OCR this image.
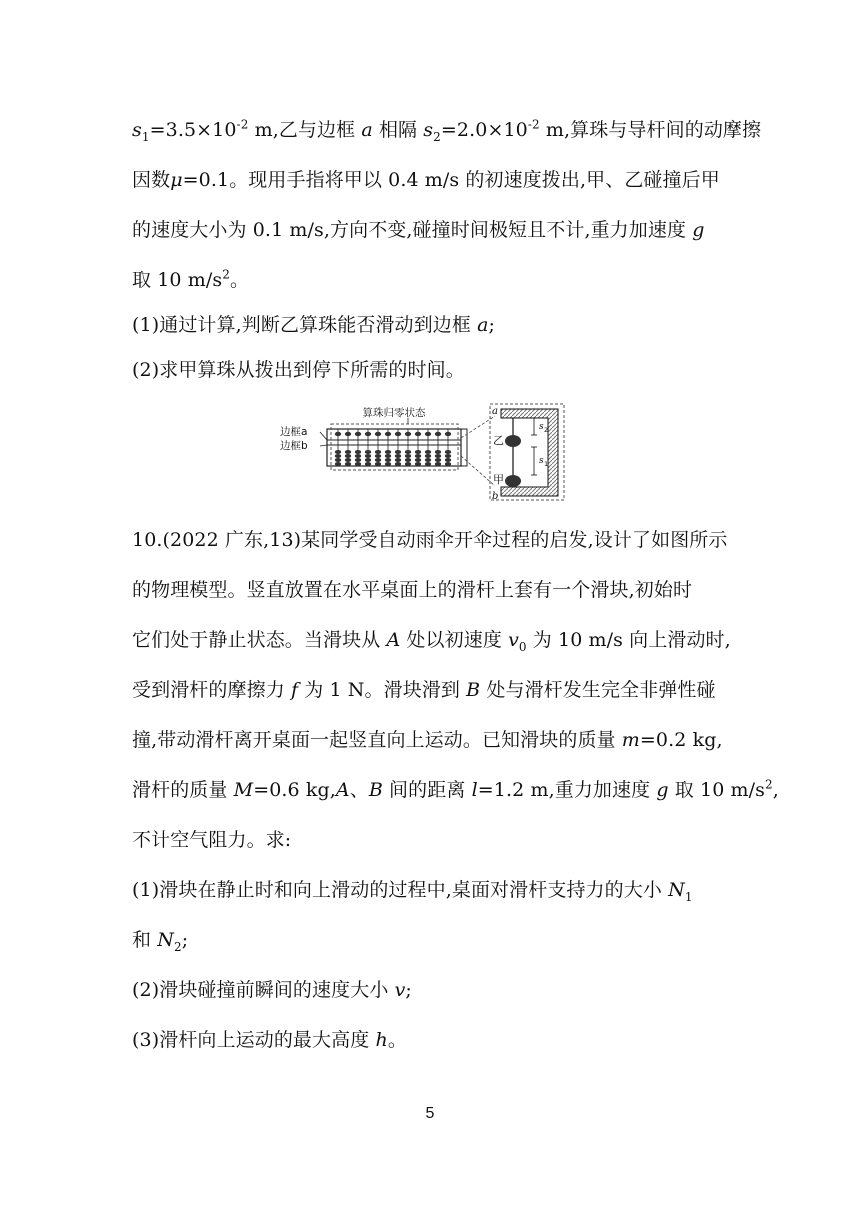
$s_1=3.5\times 10^{-2}$ m,乙与边框 a 相隔 $s_2=2.0\times 10^{-2}$ m,算珠与导杆间的动摩擦
因数μ=0.1。现用手指将甲以 0.4 m/s 的初速度拨出,甲、乙碰撞后甲
的速度大小为 0.1 m/s,方向不变,碰撞时间极短且不计,重力加速度 g
取 10 $m/s^2$。
(1)通过计算,判断乙算珠能否滑动到边框 a;
(2)求甲算珠从拨出到停下所需的时间。
算珠归零状态
边框a
边框b
a
b
乙
甲
s 2
s 1
10.(2022 广东,13)某同学受自动雨伞开伞过程的启发,设计了如图所示
的物理模型。竖直放置在水平桌面上的滑杆上套有一个滑块,初始时
它们处于静止状态。当滑块从 A 处以初速度 $v_0$ 为 10 m/s 向上滑动时,
受到滑杆的摩擦力 f 为 1 N。滑块滑到 B 处与滑杆发生完全非弹性碰
撞,带动滑杆离开桌面一起竖直向上运动。已知滑块的质量 m=0.2 kg,
滑杆的质量 M=0.6 kg,A、B 间的距离 l=1.2 m,重力加速度 g 取 10 $m/s^2$,
不计空气阻力。求:
(1)滑块在静止时和向上滑动的过程中,桌面对滑杆支持力的大小 $N_1$
和 $N_2$;
(2)滑块碰撞前瞬间的速度大小 v;
(3)滑杆向上运动的最大高度 h。
5
